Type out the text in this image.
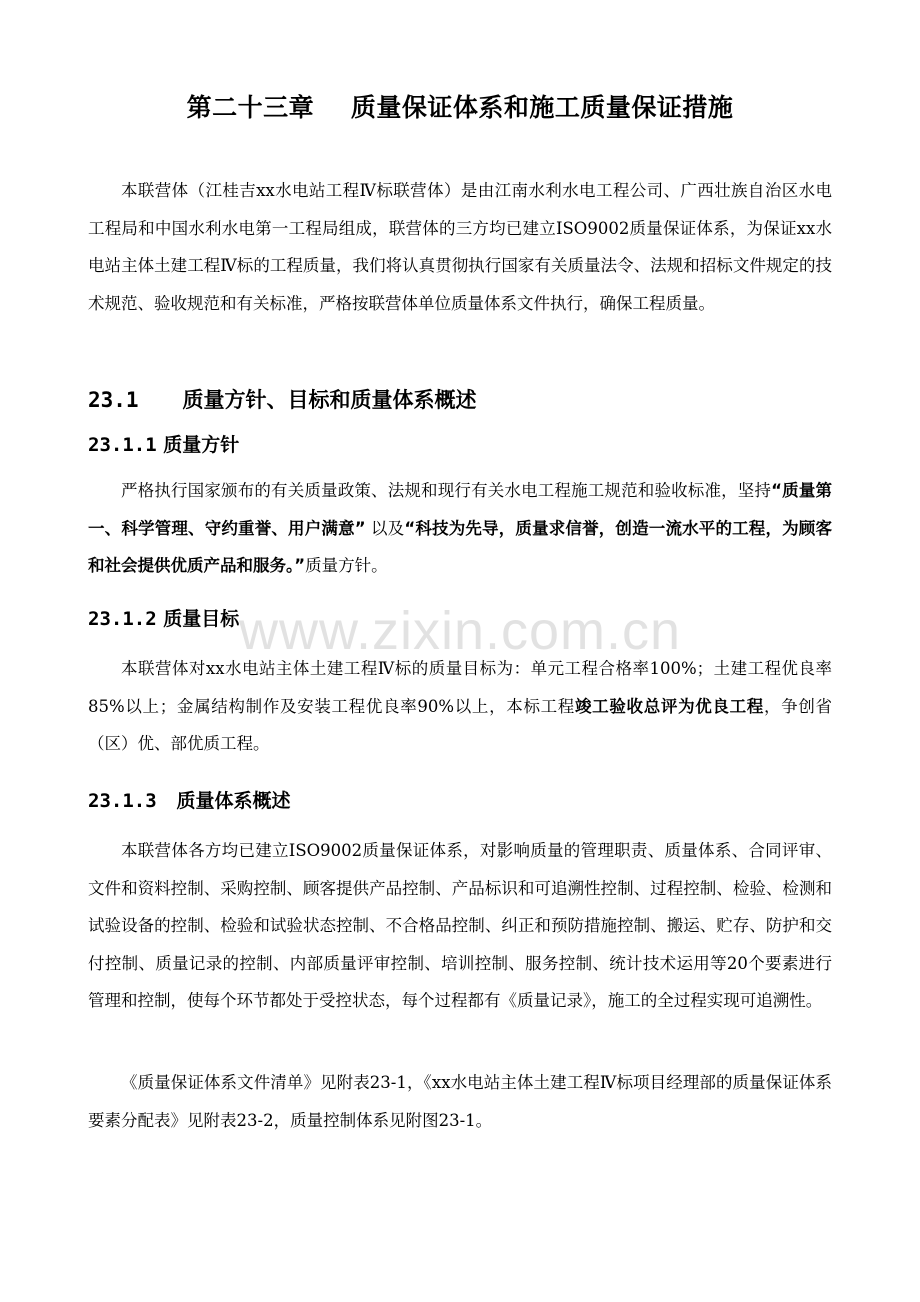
第二十三章    质量保证体系和施工质量保证措施

本联营体（江桂吉xx水电站工程Ⅳ标联营体）是由江南水利水电工程公司、广西壮族自治区水电工程局和中国水利水电第一工程局组成，联营体的三方均已建立ISO9002质量保证体系，为保证xx水电站主体土建工程Ⅳ标的工程质量，我们将认真贯彻执行国家有关质量法令、法规和招标文件规定的技术规范、验收规范和有关标准，严格按联营体单位质量体系文件执行，确保工程质量。

23.1 质量方针、目标和质量体系概述
23.1.1 质量方针

严格执行国家颁布的有关质量政策、法规和现行有关水电工程施工规范和验收标准，坚持“质量第一、科学管理、守约重誉、用户满意” 以及“科技为先导，质量求信誉，创造一流水平的工程，为顾客和社会提供优质产品和服务。”质量方针。

23.1.2 质量目标

本联营体对xx水电站主体土建工程Ⅳ标的质量目标为：单元工程合格率100%；土建工程优良率85%以上；金属结构制作及安装工程优良率90%以上，本标工程竣工验收总评为优良工程，争创省（区）优、部优质工程。

23.1.3 质量体系概述

本联营体各方均已建立ISO9002质量保证体系，对影响质量的管理职责、质量体系、合同评审、文件和资料控制、采购控制、顾客提供产品控制、产品标识和可追溯性控制、过程控制、检验、检测和试验设备的控制、检验和试验状态控制、不合格品控制、纠正和预防措施控制、搬运、贮存、防护和交付控制、质量记录的控制、内部质量评审控制、培训控制、服务控制、统计技术运用等20个要素进行管理和控制，使每个环节都处于受控状态，每个过程都有《质量记录》，施工的全过程实现可追溯性。

《质量保证体系文件清单》见附表23-1，《xx水电站主体土建工程Ⅳ标项目经理部的质量保证体系要素分配表》见附表23-2，质量控制体系见附图23-1。

www.zixin.com.cn
